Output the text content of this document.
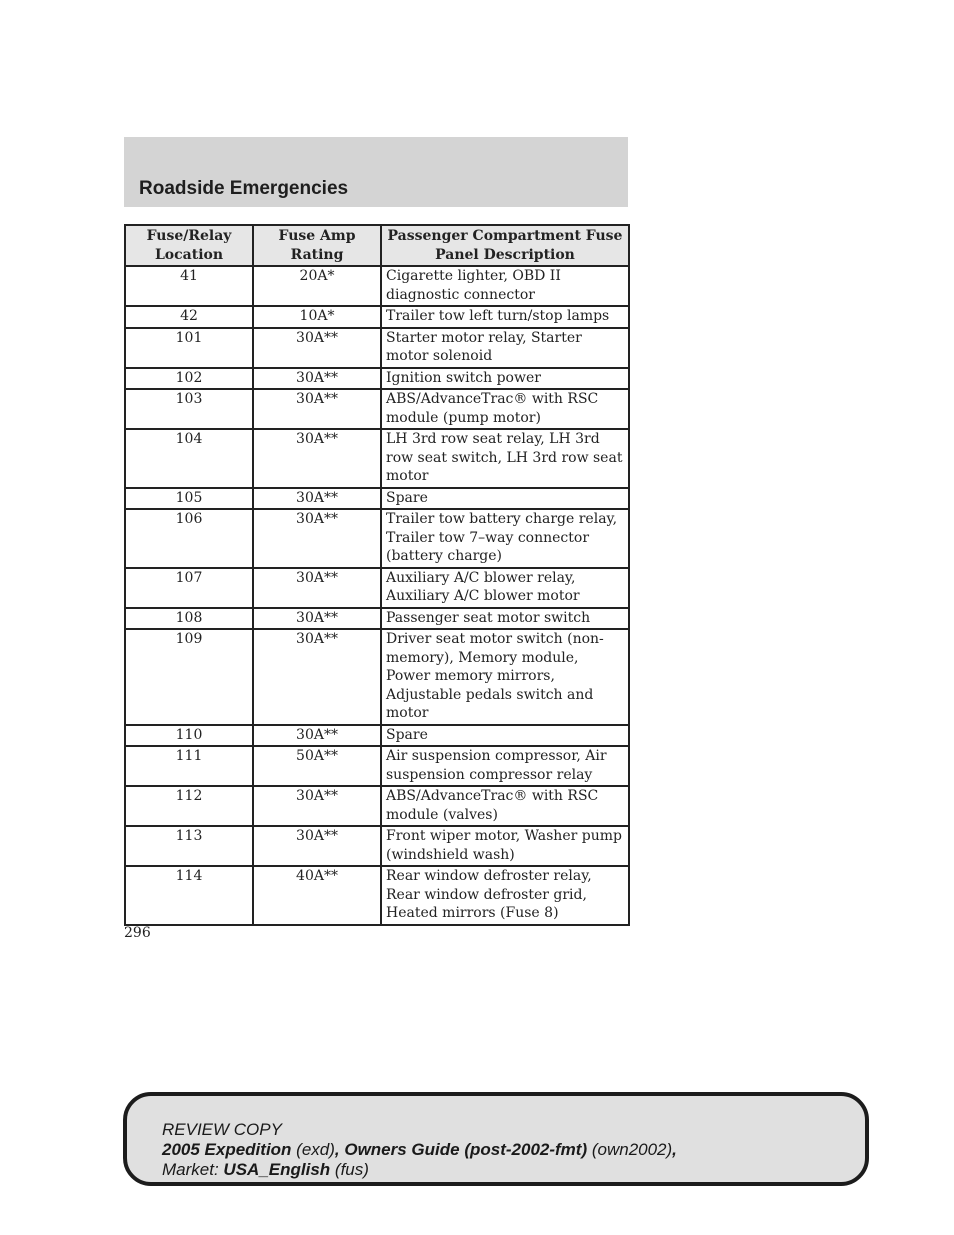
Roadside Emergencies
Fuse/Relay Location	Fuse Amp Rating	Passenger Compartment Fuse Panel Description
41	20A*	Cigarette lighter, OBD II diagnostic connector
42	10A*	Trailer tow left turn/stop lamps
101	30A**	Starter motor relay, Starter motor solenoid
102	30A**	Ignition switch power
103	30A**	ABS/AdvanceTrac® with RSC module (pump motor)
104	30A**	LH 3rd row seat relay, LH 3rd row seat switch, LH 3rd row seat motor
105	30A**	Spare
106	30A**	Trailer tow battery charge relay, Trailer tow 7–way connector (battery charge)
107	30A**	Auxiliary A/C blower relay, Auxiliary A/C blower motor
108	30A**	Passenger seat motor switch
109	30A**	Driver seat motor switch (non-memory), Memory module, Power memory mirrors, Adjustable pedals switch and motor
110	30A**	Spare
111	50A**	Air suspension compressor, Air suspension compressor relay
112	30A**	ABS/AdvanceTrac® with RSC module (valves)
113	30A**	Front wiper motor, Washer pump (windshield wash)
114	40A**	Rear window defroster relay, Rear window defroster grid, Heated mirrors (Fuse 8)
296
REVIEW COPY
2005 Expedition (exd), Owners Guide (post-2002-fmt) (own2002),
Market: USA_English (fus)
